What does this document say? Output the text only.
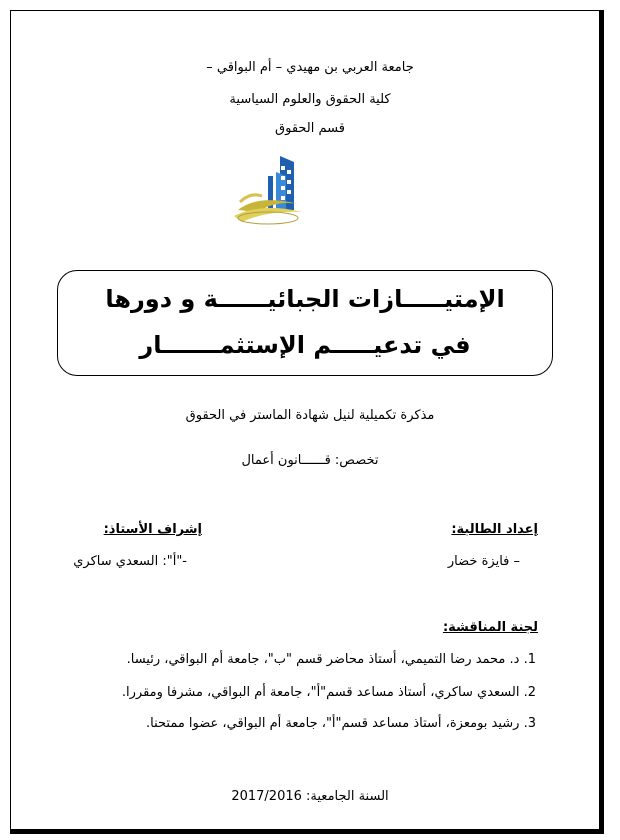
جامعة العربي بن مهيدي – أم البواقي –
كلية الحقوق والعلوم السياسية
قسم الحقوق
الإمتيـــــازات الجبائيــــــة و دورها
في تدعيـــــم الإستثمـــــــار
مذكرة تكميلية لنيل شهادة الماستر في الحقوق
تخصص: قــــــانون أعمال
إعداد الطالبة:
إشراف الأستاذ:
– فايزة خضار
-"أ": السعدي ساكري
لجنة المناقشة:
1. د. محمد رضا التميمي، أستاذ محاضر قسم "ب"، جامعة أم البواقي، رئيسا.
2. السعدي ساكري، أستاذ مساعد قسم"أ"، جامعة أم البواقي، مشرفا ومقررا.
3. رشيد بومعزة، أستاذ مساعد قسم"أ"، جامعة أم البواقي، عضوا ممتحنا.
السنة الجامعية: 2017/2016
